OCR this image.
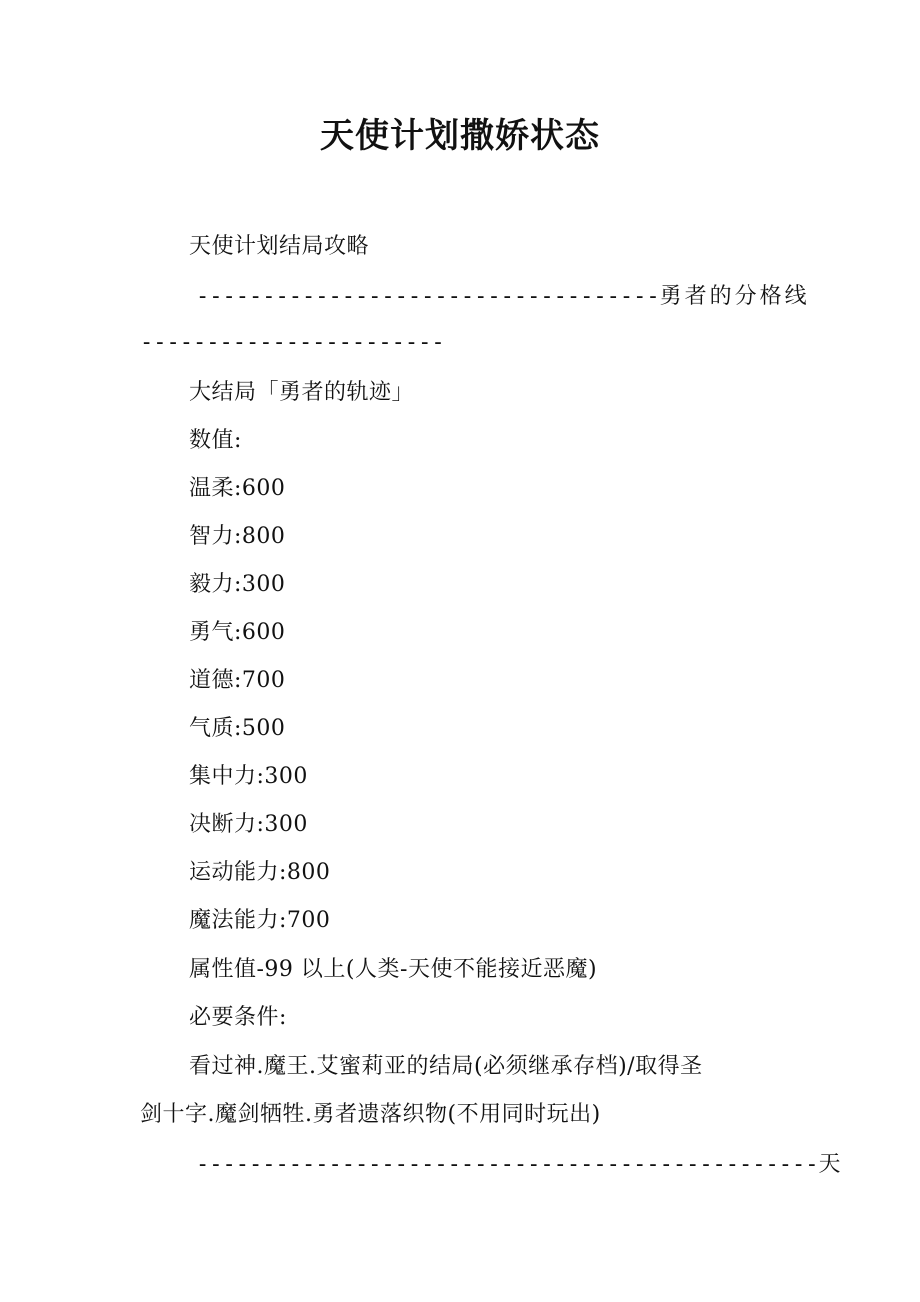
天使计划撒娇状态
天使计划结局攻略
-----------------------------------勇者的分格线
-----------------------
大结局「勇者的轨迹」
数值:
温柔:600
智力:800
毅力:300
勇气:600
道德:700
气质:500
集中力:300
决断力:300
运动能力:800
魔法能力:700
属性值-99 以上(人类-天使不能接近恶魔)
必要条件:
看过神.魔王.艾蜜莉亚的结局(必须继承存档)/取得圣
剑十字.魔剑牺牲.勇者遗落织物(不用同时玩出)
-----------------------------------------------天
